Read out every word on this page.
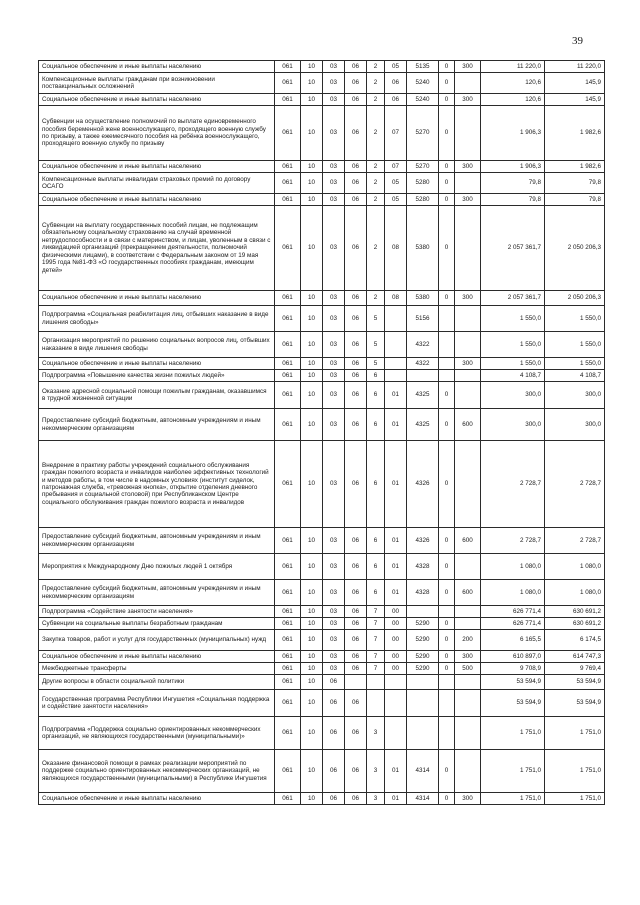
39
Социальное обеспечение и иные выплаты населению	061	10	03	06	2	05	5135	0	300	11 220,0	11 220,0
Компенсационные выплаты гражданам при возникновении поствакцинальных осложнений	061	10	03	06	2	06	5240	0		120,6	145,9
Социальное обеспечение и иные выплаты населению	061	10	03	06	2	06	5240	0	300	120,6	145,9
Субвенции на осуществление полномочий по выплате единовременного пособия беременной жене военнослужащего, проходящего военную службу по призыву, а также ежемесячного пособия на ребёнка военнослужащего, проходящего военную службу по призыву	061	10	03	06	2	07	5270	0		1 906,3	1 982,6
Социальное обеспечение и иные выплаты населению	061	10	03	06	2	07	5270	0	300	1 906,3	1 982,6
Компенсационные выплаты инвалидам страховых премий по договору ОСАГО	061	10	03	06	2	05	5280	0		79,8	79,8
Социальное обеспечение и иные выплаты населению	061	10	03	06	2	05	5280	0	300	79,8	79,8
Субвенции на выплату государственных пособий лицам, не подлежащим обязательному социальному страхованию на случай временной нетрудоспособности и в связи с материнством, и лицам, уволенным в связи с ликвидацией организаций (прекращением деятельности, полномочий физическими лицами), в соответствии с Федеральным законом от 19 мая 1995 года №81-ФЗ «О государственных пособиях гражданам, имеющим детей»	061	10	03	06	2	08	5380	0		2 057 361,7	2 050 206,3
Социальное обеспечение и иные выплаты населению	061	10	03	06	2	08	5380	0	300	2 057 361,7	2 050 206,3
Подпрограмма «Социальная реабилитация лиц, отбывших наказание в виде лишения свободы»	061	10	03	06	5		5156			1 550,0	1 550,0
Организация мероприятий по решению социальных вопросов лиц, отбывших наказание в виде лишения свободы	061	10	03	06	5		4322			1 550,0	1 550,0
Социальное обеспечение и иные выплаты населению	061	10	03	06	5		4322		300	1 550,0	1 550,0
Подпрограмма «Повышение качества жизни пожилых людей»	061	10	03	06	6					4 108,7	4 108,7
Оказание адресной социальной помощи пожилым гражданам, оказавшимся в трудной жизненной ситуации	061	10	03	06	6	01	4325	0		300,0	300,0
Предоставление субсидий бюджетным, автономным учреждениям и иным некоммерческим организациям	061	10	03	06	6	01	4325	0	600	300,0	300,0
Внедрение в практику работы учреждений социального обслуживания граждан пожилого возраста и инвалидов наиболее эффективных технологий и методов работы, в том числе в надомных условиях (институт сиделок, патронажная служба, «тревожная кнопка», открытие отделения дневного пребывания и социальной столовой) при Республиканском Центре социального обслуживания граждан пожилого возраста и инвалидов	061	10	03	06	6	01	4326	0		2 728,7	2 728,7
Предоставление субсидий бюджетным, автономным учреждениям и иным некоммерческим организациям	061	10	03	06	6	01	4326	0	600	2 728,7	2 728,7
Мероприятия к Международному Дню пожилых людей 1 октября	061	10	03	06	6	01	4328	0		1 080,0	1 080,0
Предоставление субсидий бюджетным, автономным учреждениям и иным некоммерческим организациям	061	10	03	06	6	01	4328	0	600	1 080,0	1 080,0
Подпрограмма «Содействие занятости населения»	061	10	03	06	7	00				626 771,4	630 691,2
Субвенции на социальные выплаты безработным гражданам	061	10	03	06	7	00	5290	0		626 771,4	630 691,2
Закупка товаров, работ и услуг для государственных (муниципальных) нужд	061	10	03	06	7	00	5290	0	200	6 165,5	6 174,5
Социальное обеспечение и иные выплаты населению	061	10	03	06	7	00	5290	0	300	610 897,0	614 747,3
Межбюджетные трансферты	061	10	03	06	7	00	5290	0	500	9 708,9	9 769,4
Другие вопросы в области социальной политики	061	10	06							53 594,9	53 594,9
Государственная программа Республики Ингушетия «Социальная поддержка и содействие занятости населения»	061	10	06	06						53 594,9	53 594,9
Подпрограмма «Поддержка социально ориентированных некоммерческих организаций, не являющихся государственными (муниципальными)»	061	10	06	06	3					1 751,0	1 751,0
Оказание финансовой помощи в рамках реализации мероприятий по поддержке социально ориентированных некоммерческих организаций, не являющихся государственными (муниципальными) в Республике Ингушетия	061	10	06	06	3	01	4314	0		1 751,0	1 751,0
Социальное обеспечение и иные выплаты населению	061	10	06	06	3	01	4314	0	300	1 751,0	1 751,0
